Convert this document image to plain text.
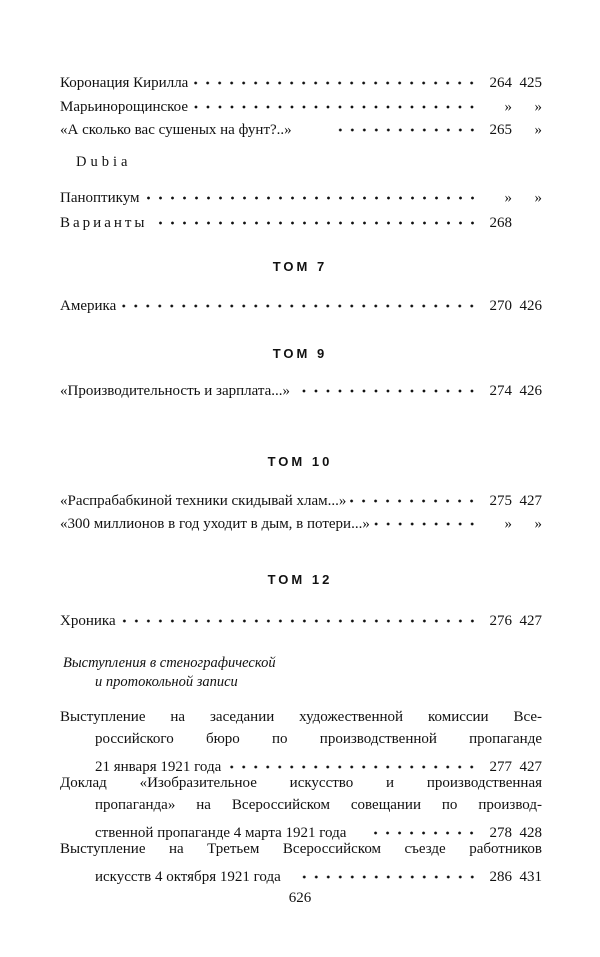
Коронация Кирилла	264 425
Марьинорощинское	»	»
«А сколько вас сушеных на фунт?..»	265	»
Dubia
Паноптикум	»	»
Варианты	268
ТОМ 7
Америка	270 426
ТОМ 9
«Производительность и зарплата...»	274 426
ТОМ 10
«Распрабабкиной техники скидывай хлам...»	275 427
«300 миллионов в год уходит в дым, в потери...»	»	»
ТОМ 12
Хроника	276 427
Выступления в стенографической
и протокольной записи
Выступление на заседании художественной комиссии Все-
российского бюро по производственной пропаганде
21 января 1921 года	277 427
Доклад «Изобразительное искусство и производственная
пропаганда» на Всероссийском совещании по производ-
ственной пропаганде 4 марта 1921 года	278 428
Выступление на Третьем Всероссийском съезде работников
искусств 4 октября 1921 года	286 431
626
